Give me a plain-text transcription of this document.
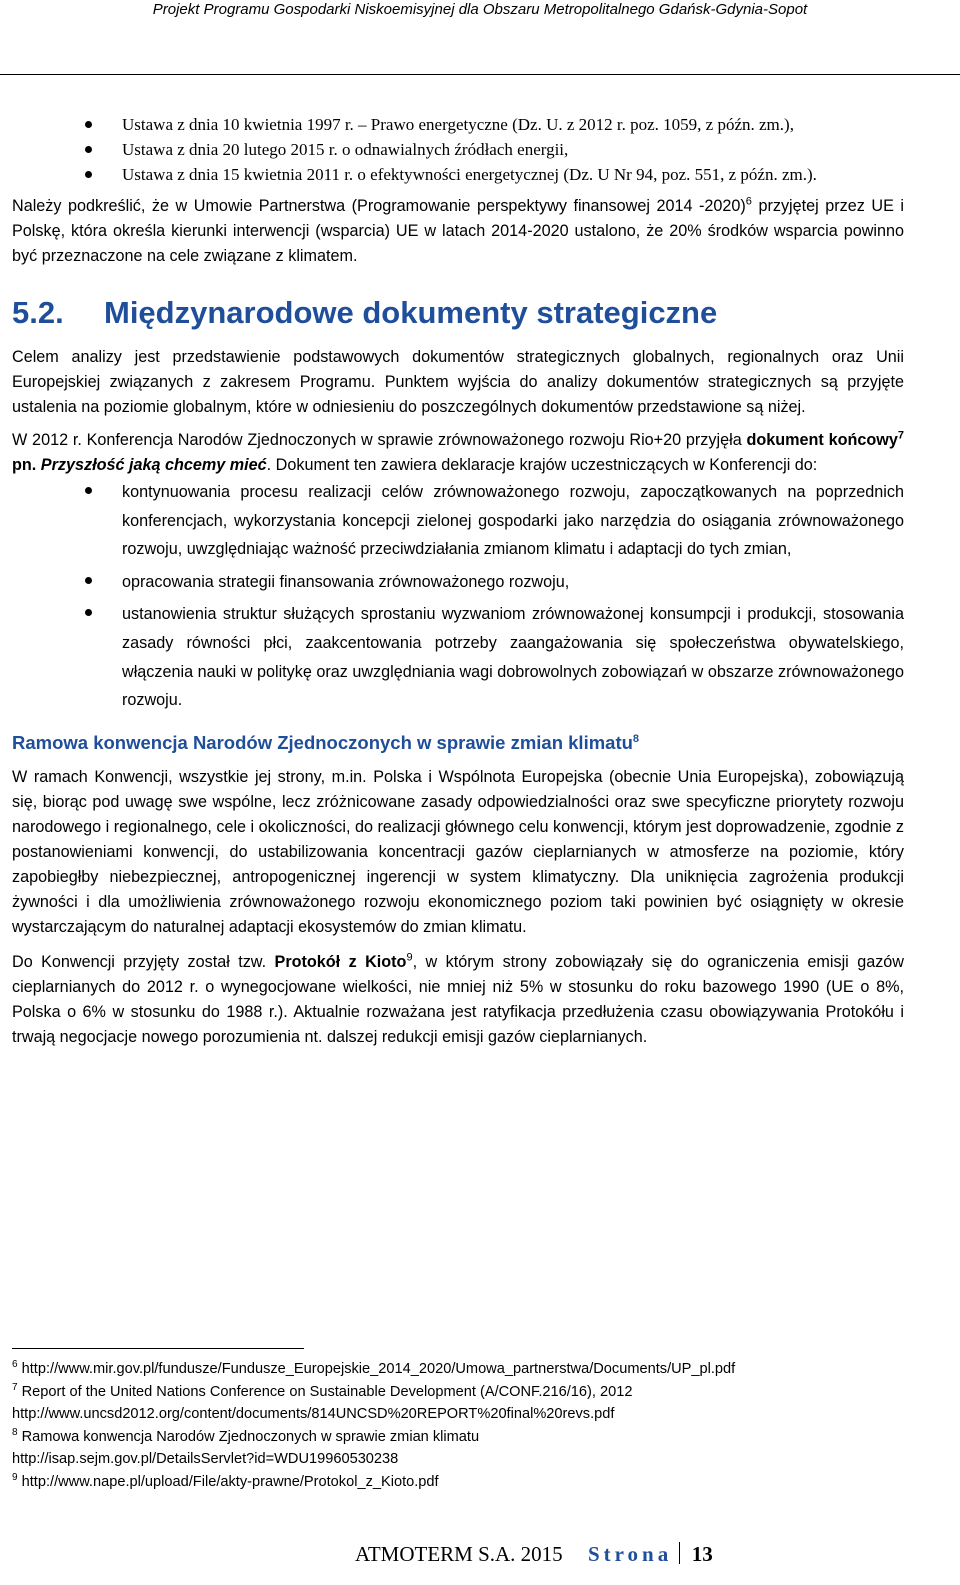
Projekt Programu Gospodarki Niskoemisyjnej dla Obszaru Metropolitalnego Gdańsk-Gdynia-Sopot
Ustawa z dnia 10 kwietnia 1997 r. – Prawo energetyczne (Dz. U. z 2012 r. poz. 1059, z późn. zm.),
Ustawa z dnia 20 lutego 2015 r. o odnawialnych źródłach energii,
Ustawa z dnia 15 kwietnia 2011 r. o efektywności energetycznej (Dz. U Nr 94, poz. 551, z późn. zm.).

Należy podkreślić, że w Umowie Partnerstwa (Programowanie perspektywy finansowej 2014 -2020)$^6$ przyjętej przez UE i Polskę, która określa kierunki interwencji (wsparcia) UE w latach 2014-2020 ustalono, że 20% środków wsparcia powinno być przeznaczone na cele związane z klimatem.

5.2. Międzynarodowe dokumenty strategiczne

Celem analizy jest przedstawienie podstawowych dokumentów strategicznych globalnych, regionalnych oraz Unii Europejskiej związanych z zakresem Programu. Punktem wyjścia do analizy dokumentów strategicznych są przyjęte ustalenia na poziomie globalnym, które w odniesieniu do poszczególnych dokumentów przedstawione są niżej.

W 2012 r. Konferencja Narodów Zjednoczonych w sprawie zrównoważonego rozwoju Rio+20 przyjęła dokument końcowy$^7$ pn. Przyszłość jaką chcemy mieć. Dokument ten zawiera deklaracje krajów uczestniczących w Konferencji do:

kontynuowania procesu realizacji celów zrównoważonego rozwoju, zapoczątkowanych na poprzednich konferencjach, wykorzystania koncepcji zielonej gospodarki jako narzędzia do osiągania zrównoważonego rozwoju, uwzględniając ważność przeciwdziałania zmianom klimatu i adaptacji do tych zmian,
opracowania strategii finansowania zrównoważonego rozwoju,
ustanowienia struktur służących sprostaniu wyzwaniom zrównoważonej konsumpcji i produkcji, stosowania zasady równości płci, zaakcentowania potrzeby zaangażowania się społeczeństwa obywatelskiego, włączenia nauki w politykę oraz uwzględniania wagi dobrowolnych zobowiązań w obszarze zrównoważonego rozwoju.
Ramowa konwencja Narodów Zjednoczonych w sprawie zmian klimatu$^8$

W ramach Konwencji, wszystkie jej strony, m.in. Polska i Wspólnota Europejska (obecnie Unia Europejska), zobowiązują się, biorąc pod uwagę swe wspólne, lecz zróżnicowane zasady odpowiedzialności oraz swe specyficzne priorytety rozwoju narodowego i regionalnego, cele i okoliczności, do realizacji głównego celu konwencji, którym jest doprowadzenie, zgodnie z postanowieniami konwencji, do ustabilizowania koncentracji gazów cieplarnianych w atmosferze na poziomie, który zapobiegłby niebezpiecznej, antropogenicznej ingerencji w system klimatyczny. Dla uniknięcia zagrożenia produkcji żywności i dla umożliwienia zrównoważonego rozwoju ekonomicznego poziom taki powinien być osiągnięty w okresie wystarczającym do naturalnej adaptacji ekosystemów do zmian klimatu.

Do Konwencji przyjęty został tzw. Protokół z Kioto$^9$, w którym strony zobowiązały się do ograniczenia emisji gazów cieplarnianych do 2012 r. o wynegocjowane wielkości, nie mniej niż 5% w stosunku do roku bazowego 1990 (UE o 8%, Polska o 6% w stosunku do 1988 r.). Aktualnie rozważana jest ratyfikacja przedłużenia czasu obowiązywania Protokółu i trwają negocjacje nowego porozumienia nt. dalszej redukcji emisji gazów cieplarnianych.

$^6$ http://www.mir.gov.pl/fundusze/Fundusze_Europejskie_2014_2020/Umowa_partnerstwa/Documents/UP_pl.pdf
$^7$ Report of the United Nations Conference on Sustainable Development (A/CONF.216/16), 2012
http://www.uncsd2012.org/content/documents/814UNCSD%20REPORT%20final%20revs.pdf
$^8$ Ramowa konwencja Narodów Zjednoczonych w sprawie zmian klimatu
http://isap.sejm.gov.pl/DetailsServlet?id=WDU19960530238
$^9$ http://www.nape.pl/upload/File/akty-prawne/Protokol_z_Kioto.pdf
ATMOTERM S.A. 2015 Strona 13
